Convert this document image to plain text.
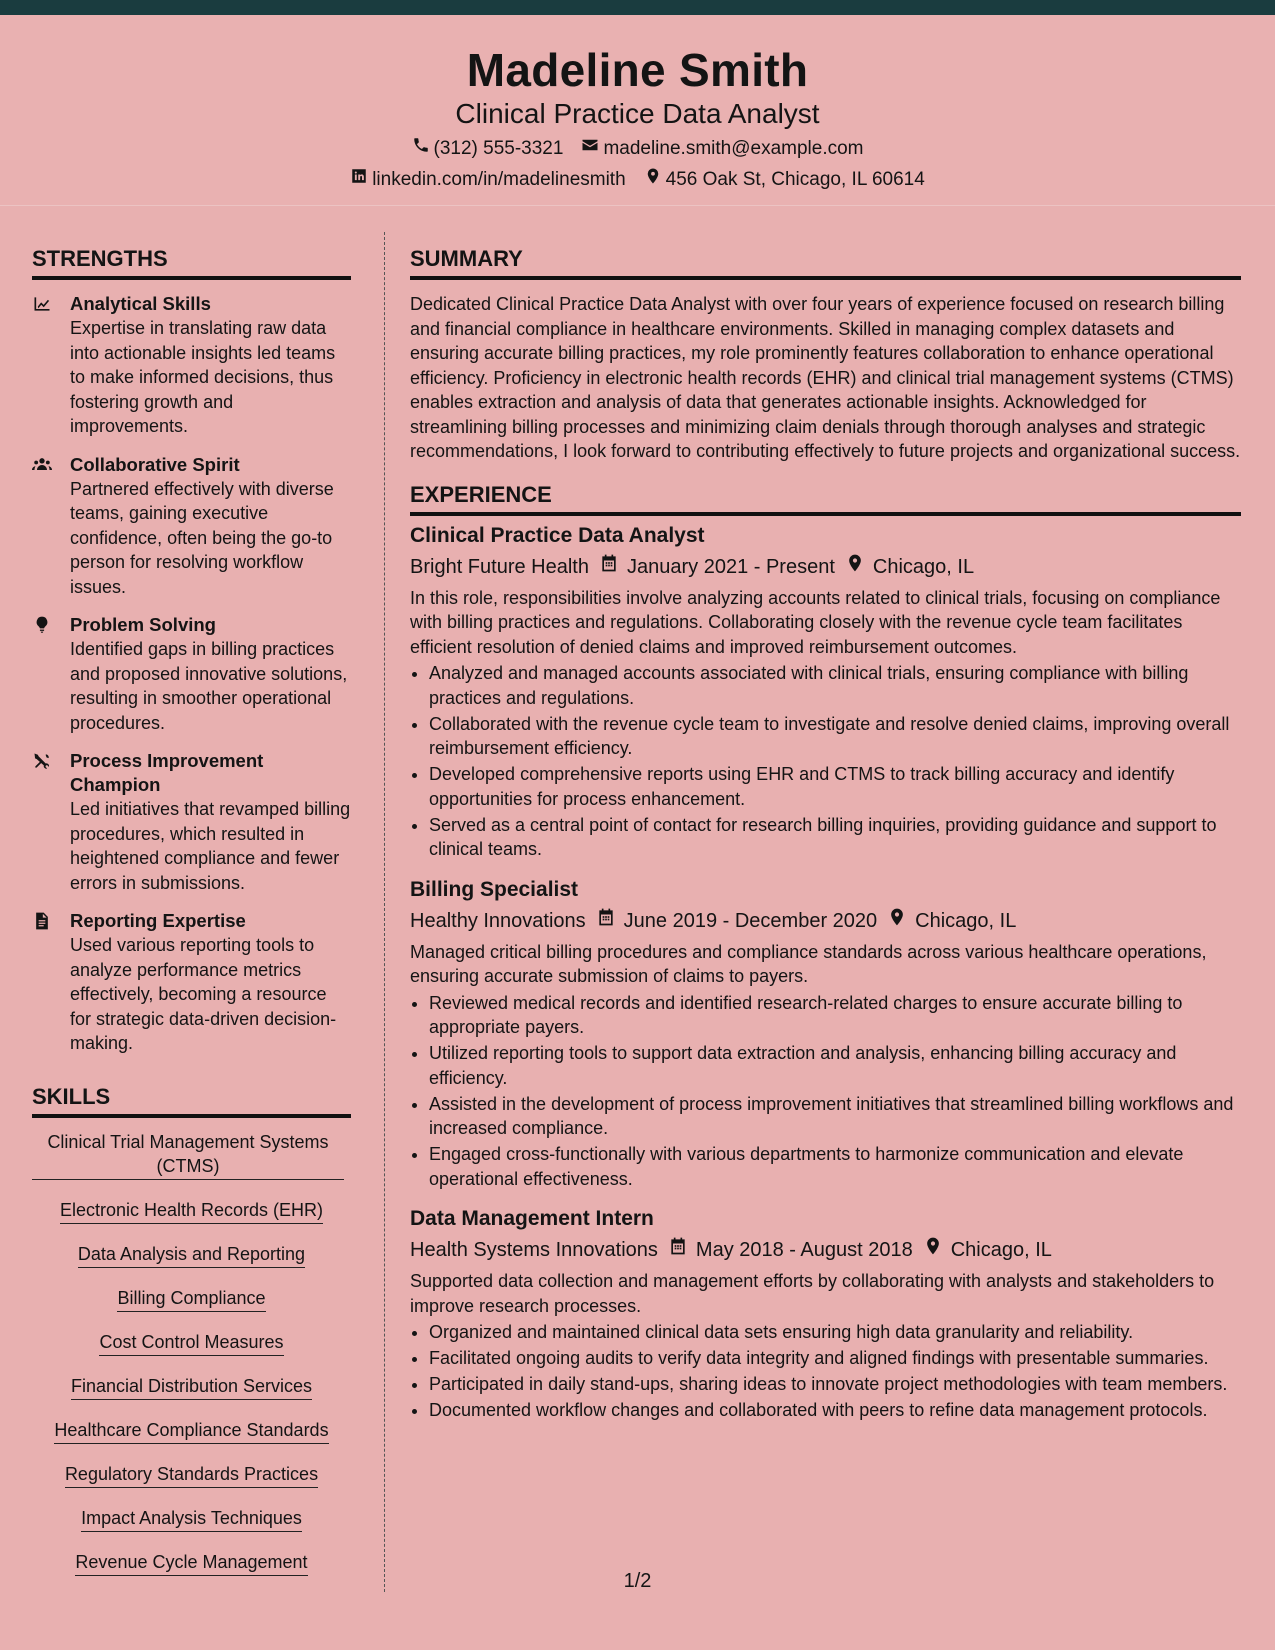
Madeline Smith
Clinical Practice Data Analyst
(312) 555-3321 madeline.smith@example.com
linkedin.com/in/madelinesmith 456 Oak St, Chicago, IL 60614
STRENGTHS
Analytical Skills
Expertise in translating raw data into actionable insights led teams to make informed decisions, thus fostering growth and improvements.
Collaborative Spirit
Partnered effectively with diverse teams, gaining executive confidence, often being the go-to person for resolving workflow issues.
Problem Solving
Identified gaps in billing practices and proposed innovative solutions, resulting in smoother operational procedures.
Process Improvement Champion
Led initiatives that revamped billing procedures, which resulted in heightened compliance and fewer errors in submissions.
Reporting Expertise
Used various reporting tools to analyze performance metrics effectively, becoming a resource for strategic data-driven decision-making.
SKILLS
Clinical Trial Management Systems (CTMS)
Electronic Health Records (EHR)
Data Analysis and Reporting
Billing Compliance
Cost Control Measures
Financial Distribution Services
Healthcare Compliance Standards
Regulatory Standards Practices
Impact Analysis Techniques
Revenue Cycle Management
SUMMARY
Dedicated Clinical Practice Data Analyst with over four years of experience focused on research billing and financial compliance in healthcare environments. Skilled in managing complex datasets and ensuring accurate billing practices, my role prominently features collaboration to enhance operational efficiency. Proficiency in electronic health records (EHR) and clinical trial management systems (CTMS) enables extraction and analysis of data that generates actionable insights. Acknowledged for streamlining billing processes and minimizing claim denials through thorough analyses and strategic recommendations, I look forward to contributing effectively to future projects and organizational success.
EXPERIENCE
Clinical Practice Data Analyst
Bright Future Health January 2021 - Present Chicago, IL
In this role, responsibilities involve analyzing accounts related to clinical trials, focusing on compliance with billing practices and regulations. Collaborating closely with the revenue cycle team facilitates efficient resolution of denied claims and improved reimbursement outcomes.
• Analyzed and managed accounts associated with clinical trials, ensuring compliance with billing practices and regulations.
• Collaborated with the revenue cycle team to investigate and resolve denied claims, improving overall reimbursement efficiency.
• Developed comprehensive reports using EHR and CTMS to track billing accuracy and identify opportunities for process enhancement.
• Served as a central point of contact for research billing inquiries, providing guidance and support to clinical teams.
Billing Specialist
Healthy Innovations June 2019 - December 2020 Chicago, IL
Managed critical billing procedures and compliance standards across various healthcare operations, ensuring accurate submission of claims to payers.
• Reviewed medical records and identified research-related charges to ensure accurate billing to appropriate payers.
• Utilized reporting tools to support data extraction and analysis, enhancing billing accuracy and efficiency.
• Assisted in the development of process improvement initiatives that streamlined billing workflows and increased compliance.
• Engaged cross-functionally with various departments to harmonize communication and elevate operational effectiveness.
Data Management Intern
Health Systems Innovations May 2018 - August 2018 Chicago, IL
Supported data collection and management efforts by collaborating with analysts and stakeholders to improve research processes.
• Organized and maintained clinical data sets ensuring high data granularity and reliability.
• Facilitated ongoing audits to verify data integrity and aligned findings with presentable summaries.
• Participated in daily stand-ups, sharing ideas to innovate project methodologies with team members.
• Documented workflow changes and collaborated with peers to refine data management protocols.
1/2
